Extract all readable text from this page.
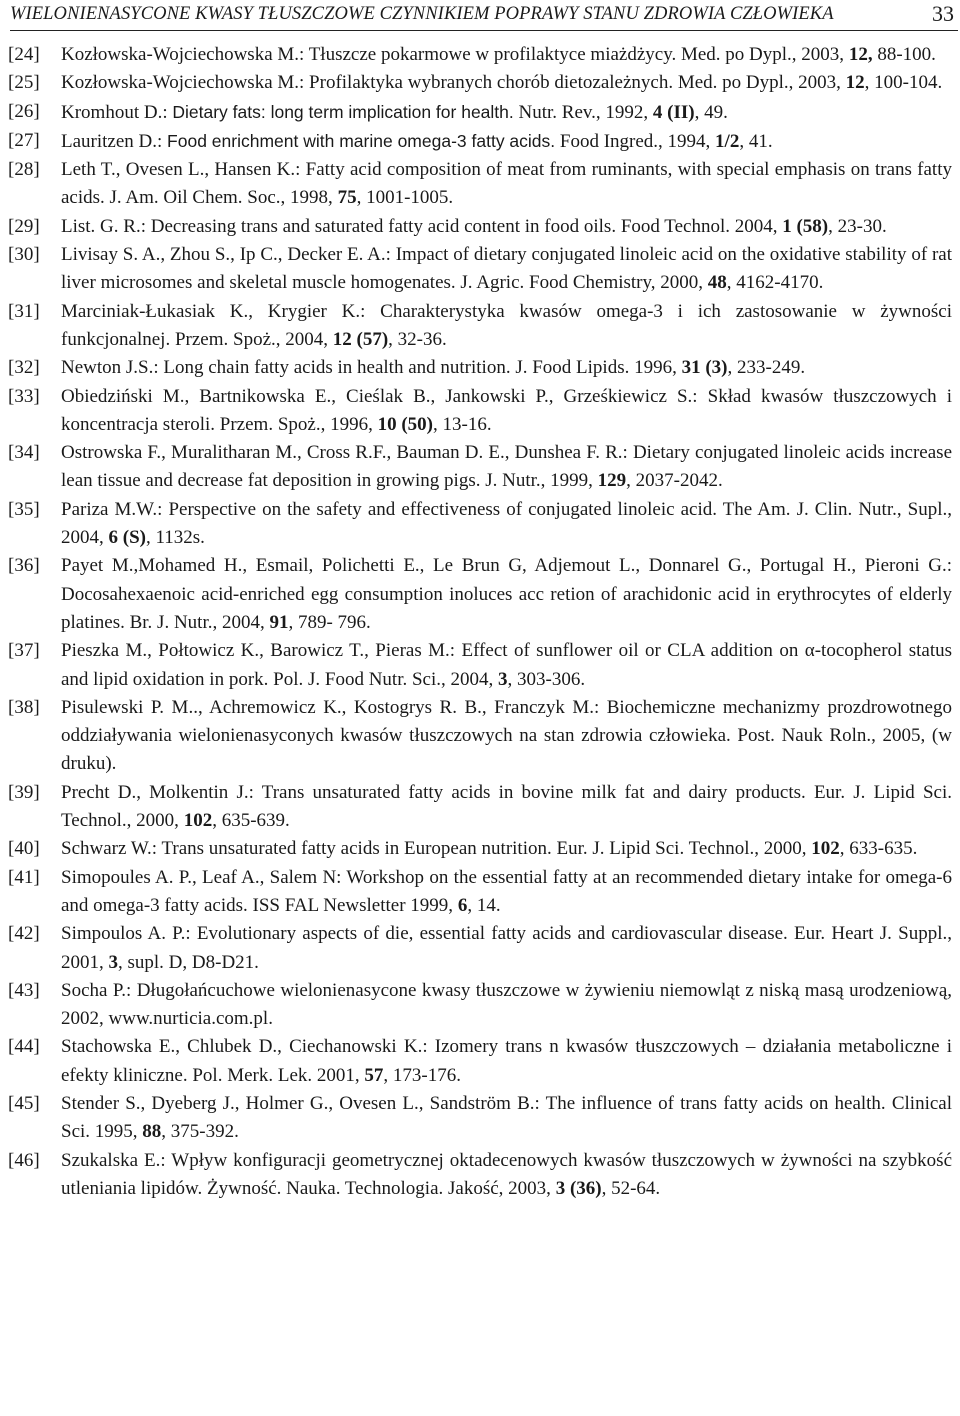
WIELONIENASYCONE KWASY TŁUSZCZOWE CZYNNIKIEM POPRAWY STANU ZDROWIA CZŁOWIEKA	33
[24] Kozłowska-Wojciechowska M.: Tłuszcze pokarmowe w profilaktyce miażdżycy. Med. po Dypl., 2003, 12, 88-100.
[25] Kozłowska-Wojciechowska M.: Profilaktyka wybranych chorób dietozależnych. Med. po Dypl., 2003, 12, 100-104.
[26] Kromhout D.: Dietary fats: long term implication for health. Nutr. Rev., 1992, 4 (II), 49.
[27] Lauritzen D.: Food enrichment with marine omega-3 fatty acids. Food Ingred., 1994, 1/2, 41.
[28] Leth T., Ovesen L., Hansen K.: Fatty acid composition of meat from ruminants, with special emphasis on trans fatty acids. J. Am. Oil Chem. Soc., 1998, 75, 1001-1005.
[29] List. G. R.: Decreasing trans and saturated fatty acid content in food oils. Food Technol. 2004, 1 (58), 23-30.
[30] Livisay S. A., Zhou S., Ip C., Decker E. A.: Impact of dietary conjugated linoleic acid on the oxidative stability of rat liver microsomes and skeletal muscle homogenates. J. Agric. Food Chemistry, 2000, 48, 4162-4170.
[31] Marciniak-Łukasiak K., Krygier K.: Charakterystyka kwasów omega-3 i ich zastosowanie w żywności funkcjonalnej. Przem. Spoż., 2004, 12 (57), 32-36.
[32] Newton J.S.: Long chain fatty acids in health and nutrition. J. Food Lipids. 1996, 31 (3), 233-249.
[33] Obiedziński M., Bartnikowska E., Cieślak B., Jankowski P., Grześkiewicz S.: Skład kwasów tłuszczowych i koncentracja steroli. Przem. Spoż., 1996, 10 (50), 13-16.
[34] Ostrowska F., Muralitharan M., Cross R.F., Bauman D. E., Dunshea F. R.: Dietary conjugated linoleic acids increase lean tissue and decrease fat deposition in growing pigs. J. Nutr., 1999, 129, 2037-2042.
[35] Pariza M.W.: Perspective on the safety and effectiveness of conjugated linoleic acid. The Am. J. Clin. Nutr., Supl., 2004, 6 (S), 1132s.
[36] Payet M.,Mohamed H., Esmail, Polichetti E., Le Brun G, Adjemout L., Donnarel G., Portugal H., Pieroni G.: Docosahexaenoic acid-enriched egg consumption inoluces acc retion of arachidonic acid in erythrocytes of elderly platines. Br. J. Nutr., 2004, 91, 789- 796.
[37] Pieszka M., Połtowicz K., Barowicz T., Pieras M.: Effect of sunflower oil or CLA addition on α-tocopherol status and lipid oxidation in pork. Pol. J. Food Nutr. Sci., 2004, 3, 303-306.
[38] Pisulewski P. M.., Achremowicz K., Kostogrys R. B., Franczyk M.: Biochemiczne mechanizmy prozdrowotnego oddziaływania wielonienasyconych kwasów tłuszczowych na stan zdrowia człowieka. Post. Nauk Roln., 2005, (w druku).
[39] Precht D., Molkentin J.: Trans unsaturated fatty acids in bovine milk fat and dairy products. Eur. J. Lipid Sci. Technol., 2000, 102, 635-639.
[40] Schwarz W.: Trans unsaturated fatty acids in European nutrition. Eur. J. Lipid Sci. Technol., 2000, 102, 633-635.
[41] Simopoules A. P., Leaf A., Salem N: Workshop on the essential fatty at an recommended dietary intake for omega-6 and omega-3 fatty acids. ISS FAL Newsletter 1999, 6, 14.
[42] Simpoulos A. P.: Evolutionary aspects of die, essential fatty acids and cardiovascular disease. Eur. Heart J. Suppl., 2001, 3, supl. D, D8-D21.
[43] Socha P.: Długołańcuchowe wielonienasycone kwasy tłuszczowe w żywieniu niemowląt z niską masą urodzeniową, 2002, www.nurticia.com.pl.
[44] Stachowska E., Chlubek D., Ciechanowski K.: Izomery trans n kwasów tłuszczowych – działania metaboliczne i efekty kliniczne. Pol. Merk. Lek. 2001, 57, 173-176.
[45] Stender S., Dyeberg J., Holmer G., Ovesen L., Sandström B.: The influence of trans fatty acids on health. Clinical Sci. 1995, 88, 375-392.
[46] Szukalska E.: Wpływ konfiguracji geometrycznej oktadecenowych kwasów tłuszczowych w żywności na szybkość utleniania lipidów. Żywność. Nauka. Technologia. Jakość, 2003, 3 (36), 52-64.
